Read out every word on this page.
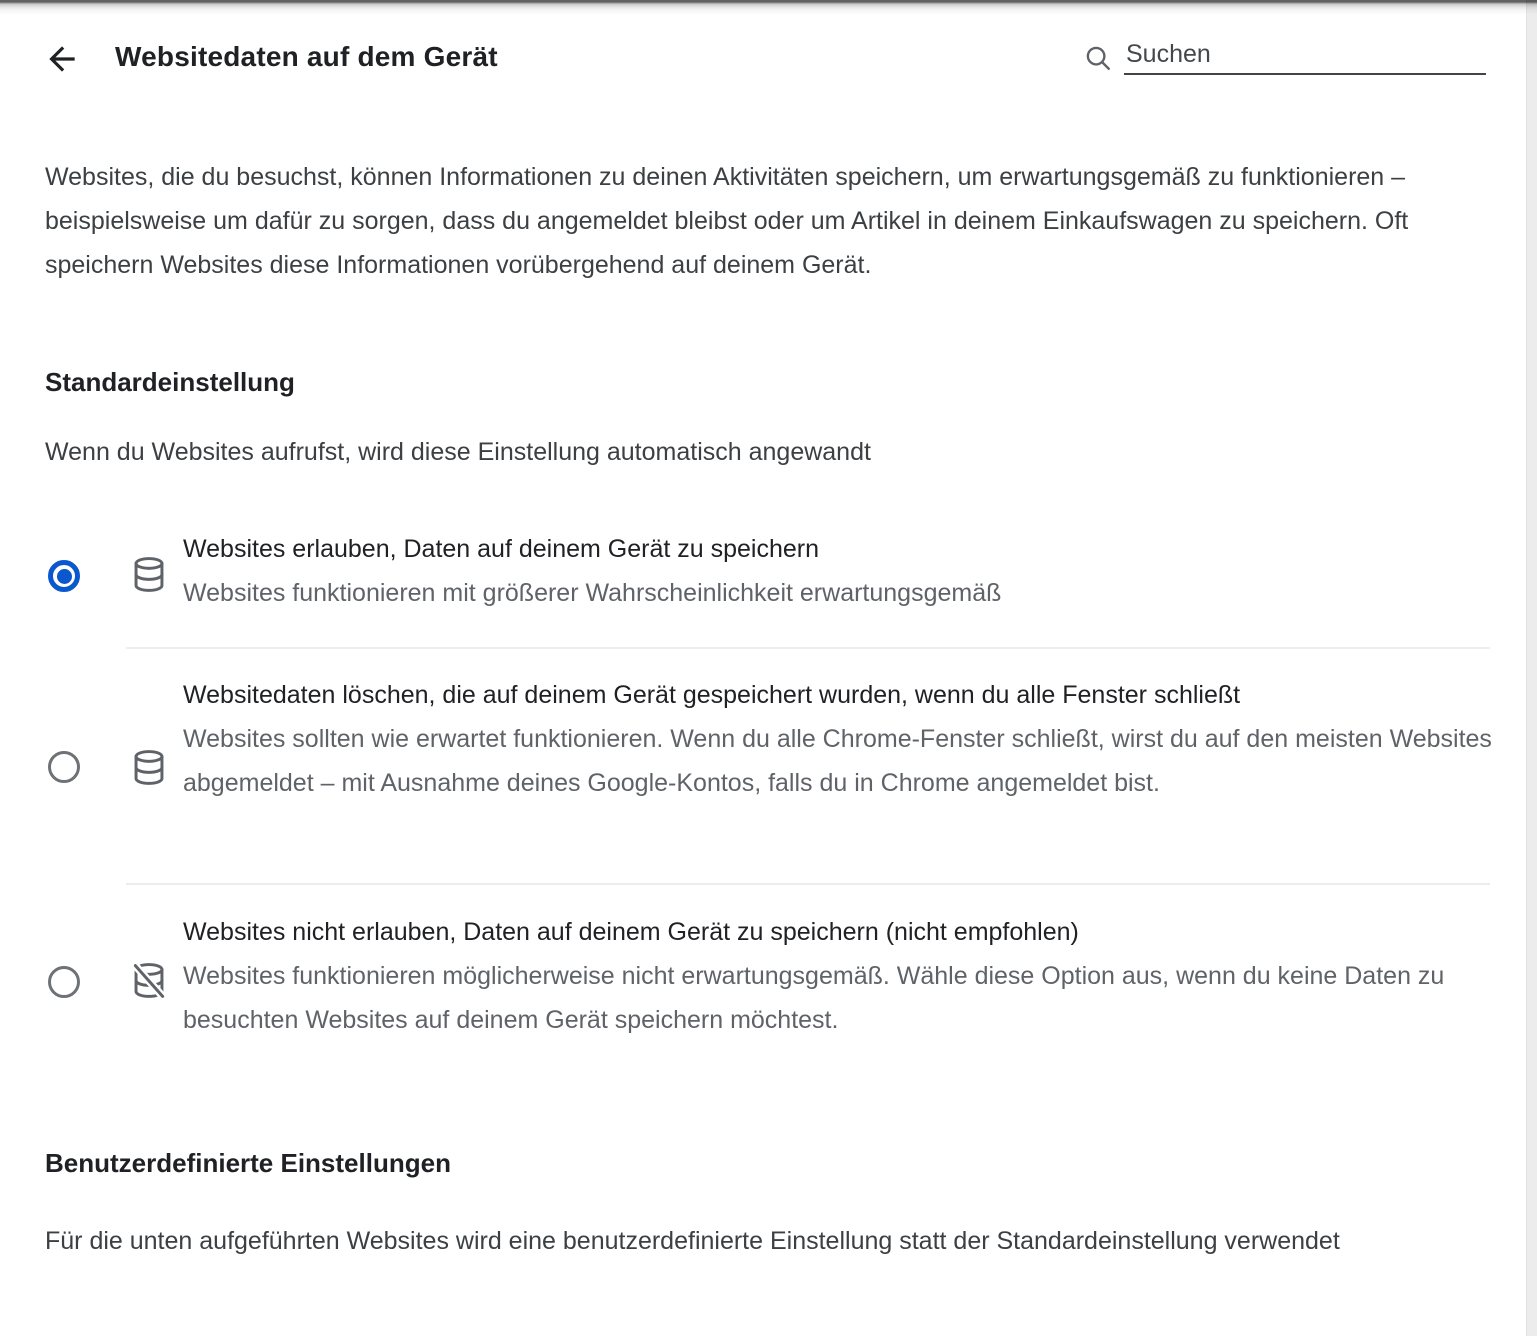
Websitedaten auf dem Gerät
Suchen

Websites, die du besuchst, können Informationen zu deinen Aktivitäten speichern, um erwartungsgemäß zu funktionieren – beispielsweise um dafür zu sorgen, dass du angemeldet bleibst oder um Artikel in deinem Einkaufswagen zu speichern. Oft speichern Websites diese Informationen vorübergehend auf deinem Gerät.

Standardeinstellung

Wenn du Websites aufrufst, wird diese Einstellung automatisch angewandt

Websites erlauben, Daten auf deinem Gerät zu speichern
Websites funktionieren mit größerer Wahrscheinlichkeit erwartungsgemäß
Websitedaten löschen, die auf deinem Gerät gespeichert wurden, wenn du alle Fenster schließt
Websites sollten wie erwartet funktionieren. Wenn du alle Chrome-Fenster schließt, wirst du auf den meisten Websites abgemeldet – mit Ausnahme deines Google-Kontos, falls du in Chrome angemeldet bist.
Websites nicht erlauben, Daten auf deinem Gerät zu speichern (nicht empfohlen)
Websites funktionieren möglicherweise nicht erwartungsgemäß. Wähle diese Option aus, wenn du keine Daten zu besuchten Websites auf deinem Gerät speichern möchtest.
Benutzerdefinierte Einstellungen

Für die unten aufgeführten Websites wird eine benutzerdefinierte Einstellung statt der Standardeinstellung verwendet
